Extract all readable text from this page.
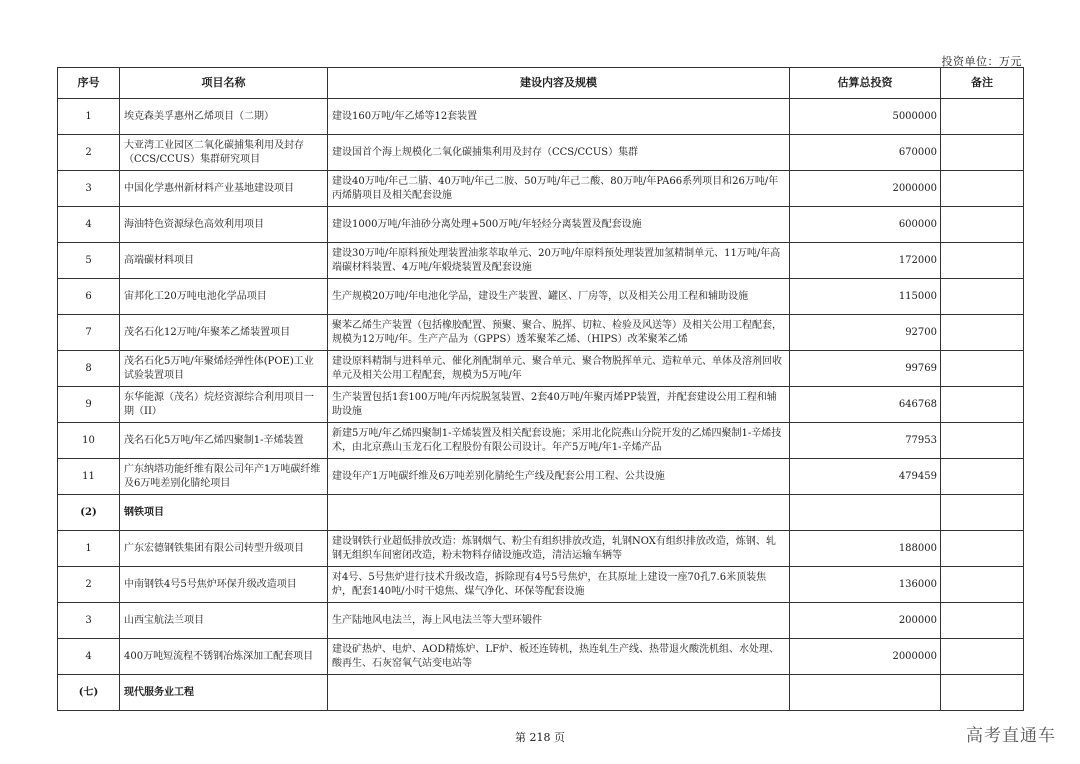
投资单位：万元
序号	项目名称	建设内容及规模	估算总投资	备注
1	埃克森美孚惠州乙烯项目（二期）	建设160万吨/年乙烯等12套装置	5000000	
2	大亚湾工业园区二氧化碳捕集利用及封存（CCS/CCUS）集群研究项目	建设国首个海上规模化二氧化碳捕集利用及封存（CCS/CCUS）集群	670000	
3	中国化学惠州新材料产业基地建设项目	建设40万吨/年己二腈、40万吨/年己二胺、50万吨/年己二酸、80万吨/年PA66系列项目和26万吨/年丙烯腈项目及相关配套设施	2000000	
4	海油特色资源绿色高效利用项目	建设1000万吨/年油砂分离处理+500万吨/年轻烃分离装置及配套设施	600000	
5	高端碳材料项目	建设30万吨/年原料预处理装置油浆萃取单元、20万吨/年原料预处理装置加氢精制单元、11万吨/年高端碳材料装置、4万吨/年煅烧装置及配套设施	172000	
6	宙邦化工20万吨电池化学品项目	生产规模20万吨/年电池化学品，建设生产装置、罐区、厂房等，以及相关公用工程和辅助设施	115000	
7	茂名石化12万吨/年聚苯乙烯装置项目	聚苯乙烯生产装置（包括橡胶配置、预聚、聚合、脱挥、切粒、检验及风送等）及相关公用工程配套，规模为12万吨/年。生产产品为（GPPS）透苯聚苯乙烯、（HIPS）改苯聚苯乙烯	92700	
8	茂名石化5万吨/年聚烯烃弹性体(POE)工业试验装置项目	建设原料精制与进料单元、催化剂配制单元、聚合单元、聚合物脱挥单元、造粒单元、单体及溶剂回收单元及相关公用工程配套，规模为5万吨/年	99769	
9	东华能源（茂名）烷烃资源综合利用项目一期（II）	生产装置包括1套100万吨/年丙烷脱氢装置、2套40万吨/年聚丙烯PP装置，并配套建设公用工程和辅助设施	646768	
10	茂名石化5万吨/年乙烯四聚制1-辛烯装置	新建5万吨/年乙烯四聚制1-辛烯装置及相关配套设施；采用北化院燕山分院开发的乙烯四聚制1-辛烯技术，由北京燕山玉龙石化工程股份有限公司设计。年产5万吨/年1-辛烯产品	77953	
11	广东纳塔功能纤维有限公司年产1万吨碳纤维及6万吨差别化腈纶项目	建设年产1万吨碳纤维及6万吨差别化腈纶生产线及配套公用工程、公共设施	479459	
(2)	钢铁项目			
1	广东宏德钢铁集团有限公司转型升级项目	建设钢铁行业超低排放改造：炼钢烟气、粉尘有组织排放改造，轧钢NOX有组织排放改造，炼钢、轧钢无组织车间密闭改造，粉末物料存储设施改造，清洁运输车辆等	188000	
2	中南钢铁4号5号焦炉环保升级改造项目	对4号、5号焦炉进行技术升级改造，拆除现有4号5号焦炉，在其原址上建设一座70孔7.6米顶装焦炉，配套140吨/小时干熄焦、煤气净化、环保等配套设施	136000	
3	山西宝航法兰项目	生产陆地风电法兰，海上风电法兰等大型环锻件	200000	
4	400万吨短流程不锈钢冶炼深加工配套项目	建设矿热炉、电炉、AOD精炼炉、LF炉、板还连铸机，热连轧生产线、热带退火酸洗机组、水处理、酸再生、石灰窑氧气站变电站等	2000000	
(七)	现代服务业工程			
第 218 页	高考直通车
